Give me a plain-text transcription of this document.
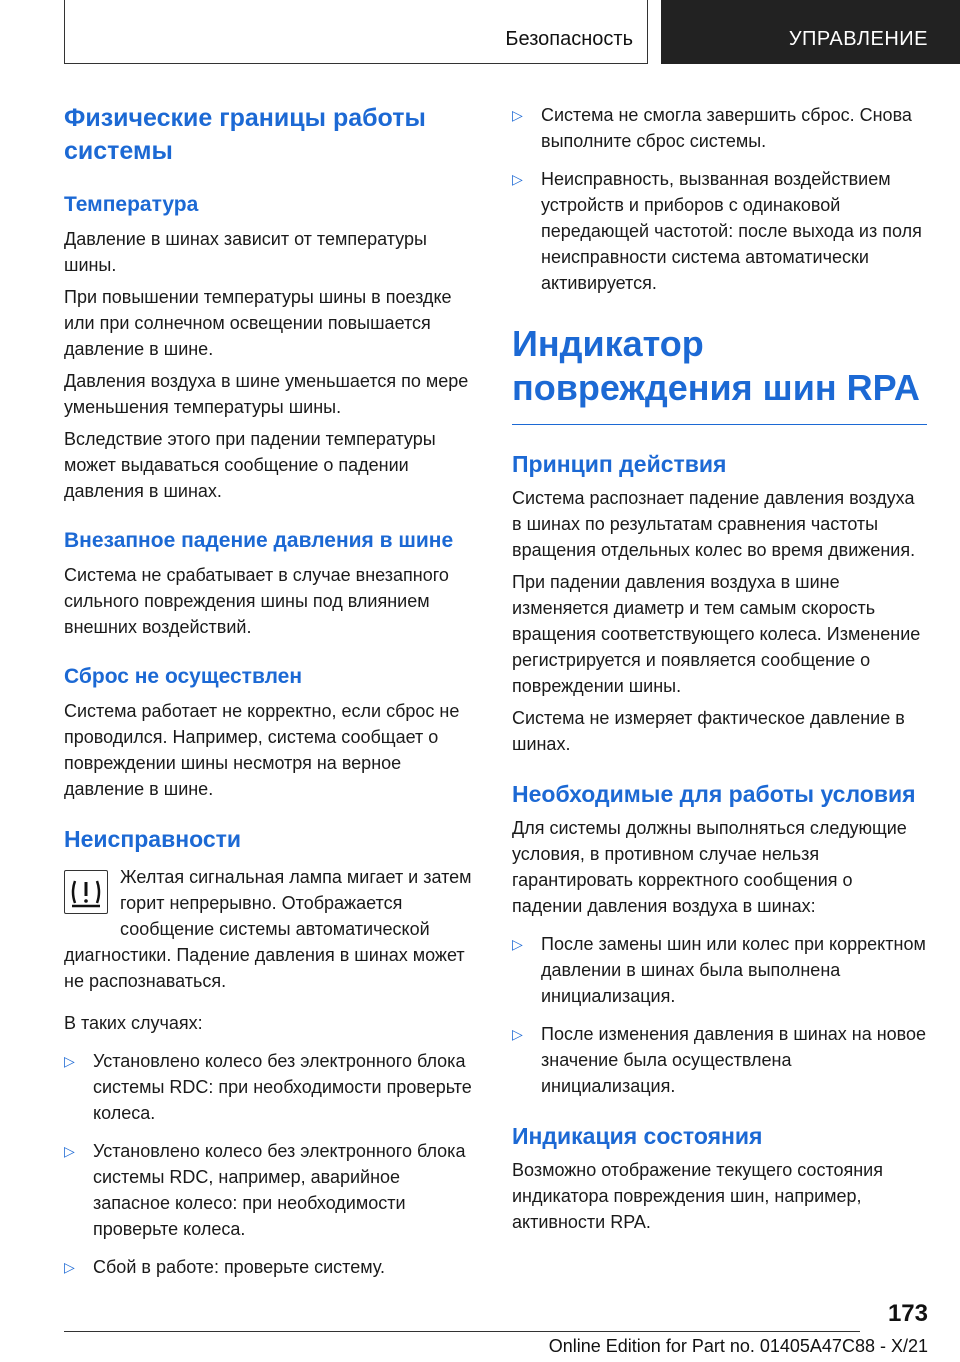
Безопасность	УПРАВЛЕНИЕ
Физические границы работы системы
Температура

Давление в шинах зависит от температуры шины.

При повышении температуры шины в поездке или при солнечном освещении повышается давление в шине.

Давления воздуха в шине уменьшается по мере уменьшения температуры шины.

Вследствие этого при падении температуры может выдаваться сообщение о падении давления в шинах.

Внезапное падение давления в шине

Система не срабатывает в случае внезапного сильного повреждения шины под влиянием внешних воздействий.

Сброс не осуществлен

Система работает не корректно, если сброс не проводился. Например, система сообщает о повреждении шины несмотря на верное давление в шине.

Неисправности

Желтая сигнальная лампа мигает и затем горит непрерывно. Отображается сообщение системы автоматической диагностики. Падение давления в шинах может не распознаваться.

В таких случаях:

▷ Установлено колесо без электронного блока системы RDC: при необходимости проверьте колеса.
▷ Установлено колесо без электронного блока системы RDC, например, аварийное запасное колесо: при необходимости проверьте колеса.
▷ Сбой в работе: проверьте систему.
▷ Система не смогла завершить сброс. Снова выполните сброс системы.
▷ Неисправность, вызванная воздействием устройств и приборов с одинаковой передающей частотой: после выхода из поля неисправности система автоматически активируется.
Индикатор повреждения шин RPA
Принцип действия

Система распознает падение давления воздуха в шинах по результатам сравнения частоты вращения отдельных колес во время движения.

При падении давления воздуха в шине изменяется диаметр и тем самым скорость вращения соответствующего колеса. Изменение регистрируется и появляется сообщение о повреждении шины.

Система не измеряет фактическое давление в шинах.

Необходимые для работы условия

Для системы должны выполняться следующие условия, в противном случае нельзя гарантировать корректного сообщения о падении давления воздуха в шинах:

▷ После замены шин или колес при корректном давлении в шинах была выполнена инициализация.
▷ После изменения давления в шинах на новое значение была осуществлена инициализация.
Индикация состояния

Возможно отображение текущего состояния индикатора повреждения шин, например, активности RPA.

173
Online Edition for Part no. 01405A47C88 - X/21
